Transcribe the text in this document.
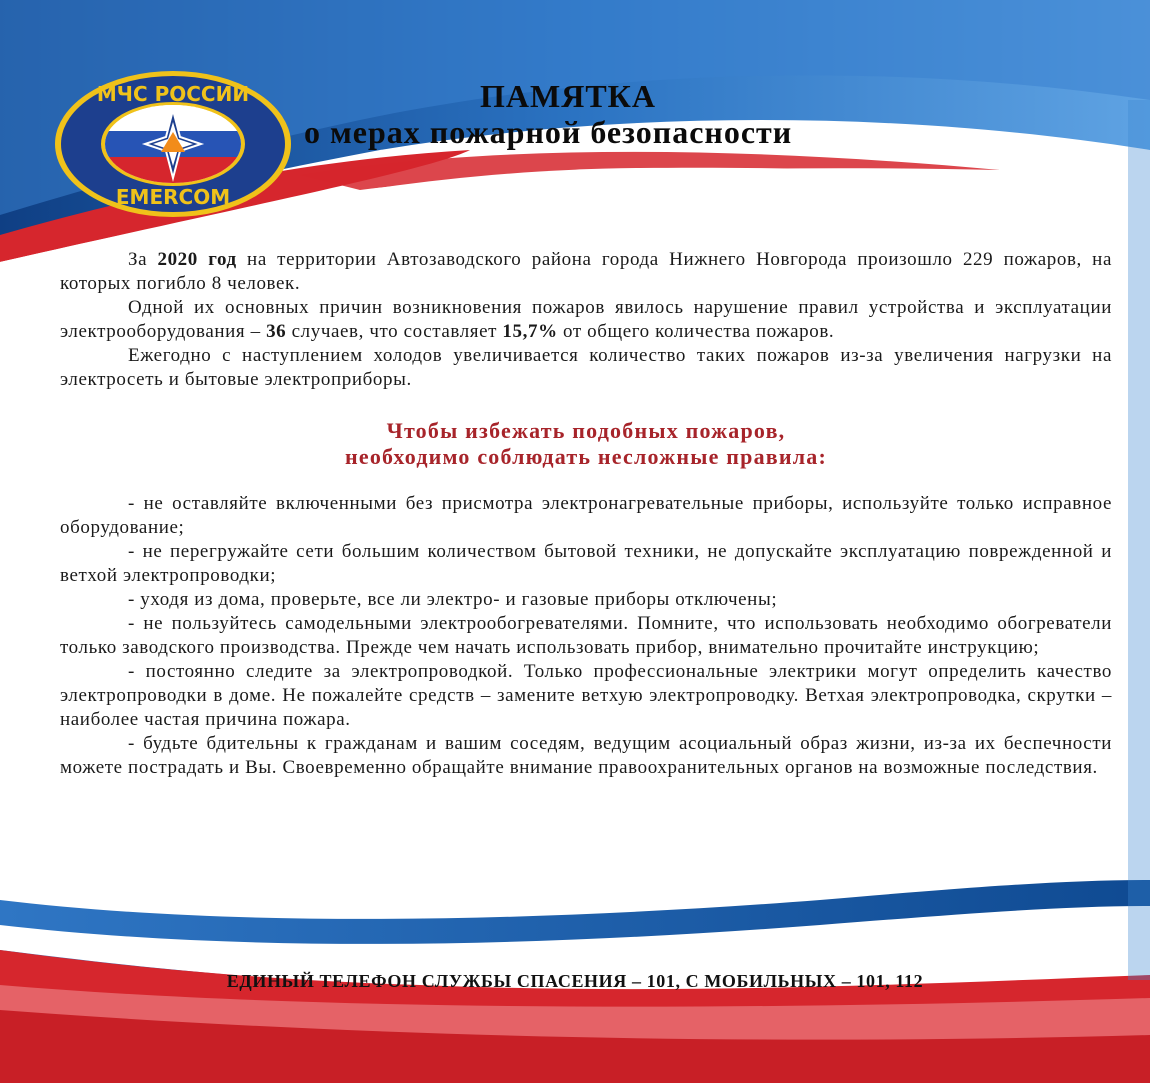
МЧС РОССИИ
EMERCOM
ПАМЯТКА
о мерах пожарной безопасности

За 2020 год на территории Автозаводского района города Нижнего Новгорода произошло 229 пожаров, на которых погибло 8 человек.

Одной их основных причин возникновения пожаров явилось нарушение правил устройства и эксплуатации электрооборудования – 36 случаев, что составляет 15,7% от общего количества пожаров.

Ежегодно с наступлением холодов увеличивается количество таких пожаров из-за увеличения нагрузки на электросеть и бытовые электроприборы.

Чтобы избежать подобных пожаров,
необходимо соблюдать несложные правила:

- не оставляйте включенными без присмотра электронагревательные приборы, используйте только исправное оборудование;

- не перегружайте сети большим количеством бытовой техники, не допускайте эксплуатацию поврежденной и ветхой электропроводки;

- уходя из дома, проверьте, все ли электро- и газовые приборы отключены;

- не пользуйтесь самодельными электрообогревателями. Помните, что использовать необходимо обогреватели только заводского производства. Прежде чем начать использовать прибор, внимательно прочитайте инструкцию;

- постоянно следите за электропроводкой. Только профессиональные электрики могут определить качество электропроводки в доме. Не пожалейте средств – замените ветхую электропроводку. Ветхая электропроводка, скрутки – наиболее частая причина пожара.

- будьте бдительны к гражданам и вашим соседям, ведущим асоциальный образ жизни, из-за их беспечности можете пострадать и Вы. Своевременно обращайте внимание правоохранительных органов на возможные последствия.

ЕДИНЫЙ ТЕЛЕФОН СЛУЖБЫ СПАСЕНИЯ – 101, С МОБИЛЬНЫХ – 101, 112
